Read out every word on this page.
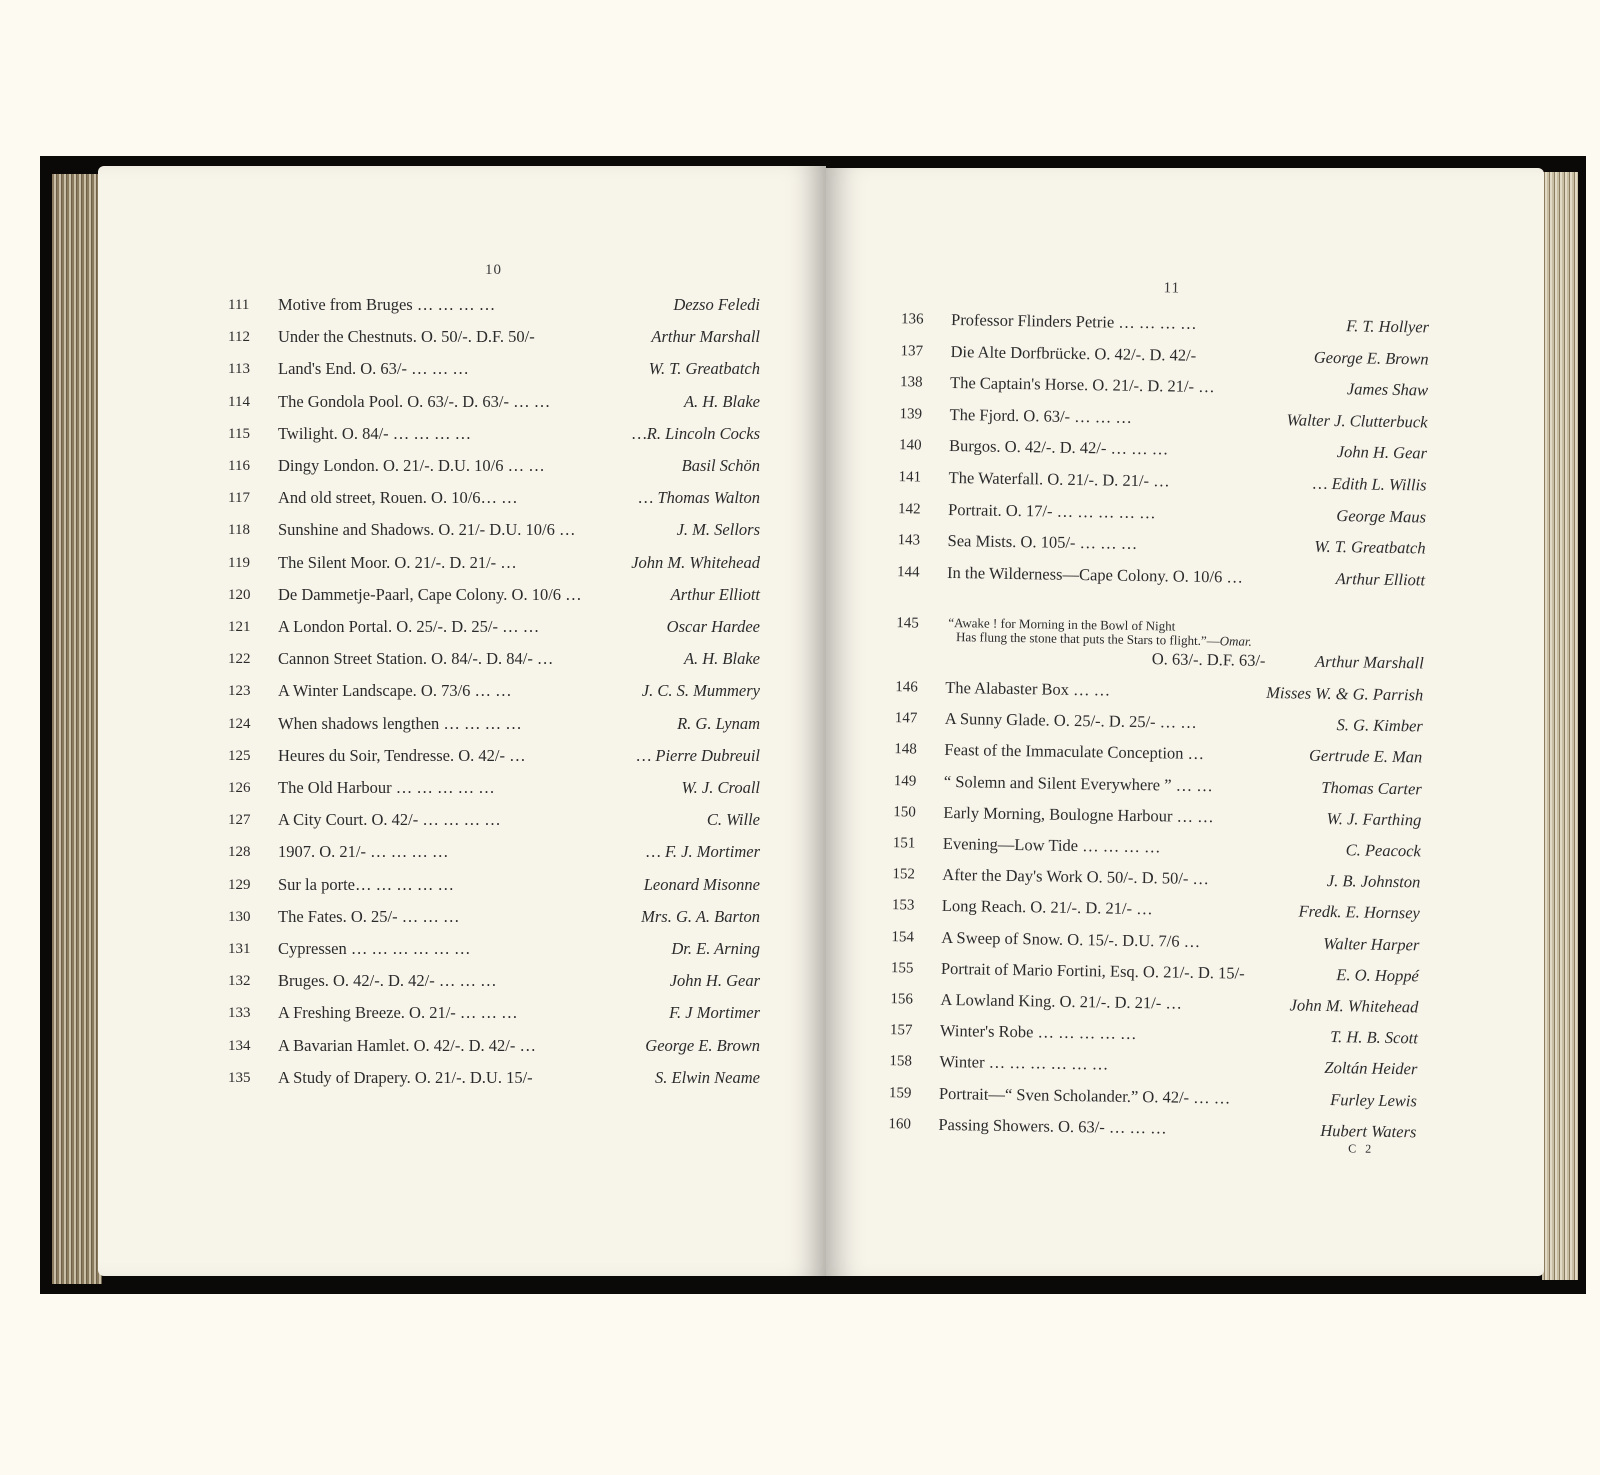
10
111	Motive from Bruges … … … …	Dezso Feledi
112	Under the Chestnuts. O. 50/-. D.F. 50/-	Arthur Marshall
113	Land's End. O. 63/- … … …	W. T. Greatbatch
114	The Gondola Pool. O. 63/-. D. 63/- … …	A. H. Blake
115	Twilight. O. 84/- … … … …	…R. Lincoln Cocks
116	Dingy London. O. 21/-. D.U. 10/6 … …	Basil Schön
117	And old street, Rouen. O. 10/6… …	… Thomas Walton
118	Sunshine and Shadows. O. 21/- D.U. 10/6 …	J. M. Sellors
119	The Silent Moor. O. 21/-. D. 21/- …	John M. Whitehead
120	De Dammetje-Paarl, Cape Colony. O. 10/6 …	Arthur Elliott
121	A London Portal. O. 25/-. D. 25/- … …	Oscar Hardee
122	Cannon Street Station. O. 84/-. D. 84/- …	A. H. Blake
123	A Winter Landscape. O. 73/6 … …	J. C. S. Mummery
124	When shadows lengthen … … … …	R. G. Lynam
125	Heures du Soir, Tendresse. O. 42/- …	… Pierre Dubreuil
126	The Old Harbour … … … … …	W. J. Croall
127	A City Court. O. 42/- … … … …	C. Wille
128	1907. O. 21/- … … … …	… F. J. Mortimer
129	Sur la porte… … … … …	Leonard Misonne
130	The Fates. O. 25/- … … …	Mrs. G. A. Barton
131	Cypressen … … … … … …	Dr. E. Arning
132	Bruges. O. 42/-. D. 42/- … … …	John H. Gear
133	A Freshing Breeze. O. 21/- … … …	F. J Mortimer
134	A Bavarian Hamlet. O. 42/-. D. 42/- …	George E. Brown
135	A Study of Drapery. O. 21/-. D.U. 15/-	S. Elwin Neame
11
136	Professor Flinders Petrie … … … …	F. T. Hollyer
137	Die Alte Dorfbrücke. O. 42/-. D. 42/-	George E. Brown
138	The Captain's Horse. O. 21/-. D. 21/- …	James Shaw
139	The Fjord. O. 63/- … … …	Walter J. Clutterbuck
140	Burgos. O. 42/-. D. 42/- … … …	John H. Gear
141	The Waterfall. O. 21/-. D. 21/- …	… Edith L. Willis
142	Portrait. O. 17/- … … … … …	George Maus
143	Sea Mists. O. 105/- … … …	W. T. Greatbatch
144	In the Wilderness—Cape Colony. O. 10/6 …	Arthur Elliott
145	“Awake ! for Morning in the Bowl of Night
Has flung the stone that puts the Stars to flight.”—Omar.
O. 63/-. D.F. 63/-	Arthur Marshall
146	The Alabaster Box … …	Misses W. & G. Parrish
147	A Sunny Glade. O. 25/-. D. 25/- … …	S. G. Kimber
148	Feast of the Immaculate Conception …	Gertrude E. Man
149	“ Solemn and Silent Everywhere ” … …	Thomas Carter
150	Early Morning, Boulogne Harbour … …	W. J. Farthing
151	Evening—Low Tide … … … …	C. Peacock
152	After the Day's Work O. 50/-. D. 50/- …	J. B. Johnston
153	Long Reach. O. 21/-. D. 21/- …	Fredk. E. Hornsey
154	A Sweep of Snow. O. 15/-. D.U. 7/6 …	Walter Harper
155	Portrait of Mario Fortini, Esq. O. 21/-. D. 15/-	E. O. Hoppé
156	A Lowland King. O. 21/-. D. 21/- …	John M. Whitehead
157	Winter's Robe … … … … …	T. H. B. Scott
158	Winter … … … … … …	Zoltán Heider
159	Portrait—“ Sven Scholander.” O. 42/- … …	Furley Lewis
160	Passing Showers. O. 63/- … … …	Hubert Waters
C 2
